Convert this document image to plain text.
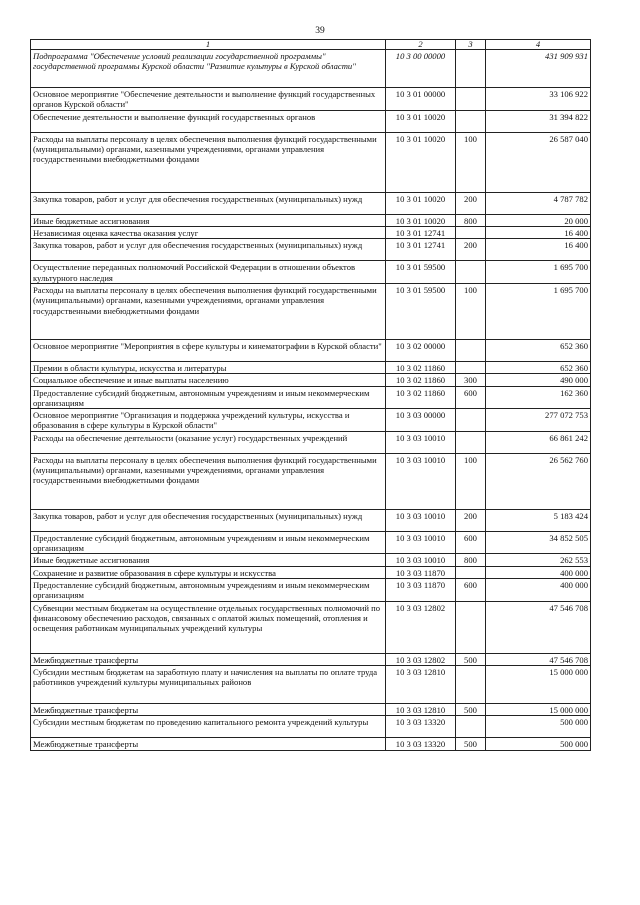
39
1	2	3	4
Подпрограмма "Обеспечение условий реализации государственной программы" государственной программы Курской области "Развитие культуры в Курской области"	10 3 00 00000		431 909 931
Основное мероприятие "Обеспечение деятельности и выполнение функций государственных органов Курской области"	10 3 01 00000		33 106 922
Обеспечение деятельности и выполнение функций государственных органов	10 3 01 10020		31 394 822
Расходы на выплаты персоналу в целях обеспечения выполнения функций государственными (муниципальными) органами, казенными учреждениями, органами управления государственными внебюджетными фондами	10 3 01 10020	100	26 587 040
Закупка товаров, работ и услуг для обеспечения государственных (муниципальных) нужд	10 3 01 10020	200	4 787 782
Иные бюджетные ассигнования	10 3 01 10020	800	20 000
Независимая оценка качества оказания услуг	10 3 01 12741		16 400
Закупка товаров, работ и услуг для обеспечения государственных (муниципальных) нужд	10 3 01 12741	200	16 400
Осуществление переданных полномочий Российской Федерации в отношении объектов культурного наследия	10 3 01 59500		1 695 700
Расходы на выплаты персоналу в целях обеспечения выполнения функций государственными (муниципальными) органами, казенными учреждениями, органами управления государственными внебюджетными фондами	10 3 01 59500	100	1 695 700
Основное мероприятие "Мероприятия в сфере культуры и кинематографии в Курской области"	10 3 02 00000		652 360
Премии в области культуры, искусства и литературы	10 3 02 11860		652 360
Социальное обеспечение и иные выплаты населению	10 3 02 11860	300	490 000
Предоставление субсидий бюджетным, автономным учреждениям и иным некоммерческим организациям	10 3 02 11860	600	162 360
Основное мероприятие "Организация и поддержка учреждений культуры, искусства и образования в сфере культуры в Курской области"	10 3 03 00000		277 072 753
Расходы на обеспечение деятельности (оказание услуг) государственных учреждений	10 3 03 10010		66 861 242
Расходы на выплаты персоналу в целях обеспечения выполнения функций государственными (муниципальными) органами, казенными учреждениями, органами управления государственными внебюджетными фондами	10 3 03 10010	100	26 562 760
Закупка товаров, работ и услуг для обеспечения государственных (муниципальных) нужд	10 3 03 10010	200	5 183 424
Предоставление субсидий бюджетным, автономным учреждениям и иным некоммерческим организациям	10 3 03 10010	600	34 852 505
Иные бюджетные ассигнования	10 3 03 10010	800	262 553
Сохранение и развитие образования в сфере культуры и искусства	10 3 03 11870		400 000
Предоставление субсидий бюджетным, автономным учреждениям и иным некоммерческим организациям	10 3 03 11870	600	400 000
Субвенции местным бюджетам на осуществление отдельных государственных полномочий по финансовому обеспечению расходов, связанных с оплатой жилых помещений, отопления и освещения работникам муниципальных учреждений культуры	10 3 03 12802		47 546 708
Межбюджетные трансферты	10 3 03 12802	500	47 546 708
Субсидии местным бюджетам на заработную плату и начисления на выплаты по оплате труда работников учреждений культуры муниципальных районов	10 3 03 12810		15 000 000
Межбюджетные трансферты	10 3 03 12810	500	15 000 000
Субсидии местным бюджетам по проведению капитального ремонта учреждений культуры	10 3 03 13320		500 000
Межбюджетные трансферты	10 3 03 13320	500	500 000
